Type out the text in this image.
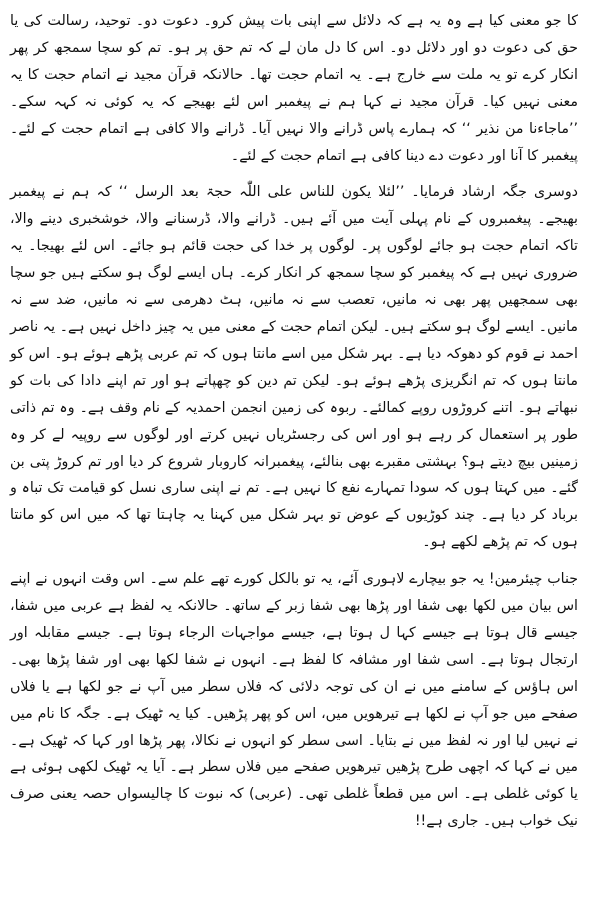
کا جو معنی کیا ہے وہ یہ ہے کہ دلائل سے اپنی بات پیش کرو۔ دعوت دو۔ توحید، رسالت کی یا حق کی دعوت دو اور دلائل دو۔ اس کا دل مان لے کہ تم حق پر ہو۔ تم کو سچا سمجھ کر پھر انکار کرے تو یہ ملت سے خارج ہے۔ یہ اتمام حجت تھا۔ حالانکہ قرآن مجید نے اتمام حجت کا یہ معنی نہیں کیا۔ قرآن مجید نے کہا ہم نے پیغمبر اس لئے بھیجے کہ یہ کوئی نہ کہہ سکے۔ ’’ماجاءنا من نذیر ‘‘ کہ ہمارے پاس ڈرانے والا نہیں آیا۔ ڈرانے والا کافی ہے اتمام حجت کے لئے۔ پیغمبر کا آنا اور دعوت دے دینا کافی ہے اتمام حجت کے لئے۔

دوسری جگہ ارشاد فرمایا۔ ’’لئلا یکون للناس علی اللّٰہ حجۃ بعد الرسل ‘‘ کہ ہم نے پیغمبر بھیجے۔ پیغمبروں کے نام پہلی آیت میں آئے ہیں۔ ڈرانے والا، ڈرسنانے والا، خوشخبری دینے والا، تاکہ اتمام حجت ہو جائے لوگوں پر۔ لوگوں پر خدا کی حجت قائم ہو جائے۔ اس لئے بھیجا۔ یہ ضروری نہیں ہے کہ پیغمبر کو سچا سمجھ کر انکار کرے۔ ہاں ایسے لوگ ہو سکتے ہیں جو سچا بھی سمجھیں پھر بھی نہ مانیں، تعصب سے نہ مانیں، ہٹ دھرمی سے نہ مانیں، ضد سے نہ مانیں۔ ایسے لوگ ہو سکتے ہیں۔ لیکن اتمام حجت کے معنی میں یہ چیز داخل نہیں ہے۔ یہ ناصر احمد نے قوم کو دھوکہ دیا ہے۔ بہر شکل میں اسے مانتا ہوں کہ تم عربی پڑھے ہوئے ہو۔ اس کو مانتا ہوں کہ تم انگریزی پڑھے ہوئے ہو۔ لیکن تم دین کو چھپاتے ہو اور تم اپنے دادا کی بات کو نبھاتے ہو۔ اتنے کروڑوں روپے کمالئے۔ ربوہ کی زمین انجمن احمدیہ کے نام وقف ہے۔ وہ تم ذاتی طور پر استعمال کر رہے ہو اور اس کی رجسٹریاں نہیں کرتے اور لوگوں سے روپیہ لے کر وہ زمینیں بیچ دیتے ہو؟ بہشتی مقبرے بھی بنالئے، پیغمبرانہ کاروبار شروع کر دیا اور تم کروڑ پتی بن گئے۔ میں کہتا ہوں کہ سودا تمہارے نفع کا نہیں ہے۔ تم نے اپنی ساری نسل کو قیامت تک تباہ و برباد کر دیا ہے۔ چند کوڑیوں کے عوض تو بہر شکل میں کہنا یہ چاہتا تھا کہ میں اس کو مانتا ہوں کہ تم پڑھے لکھے ہو۔

جناب چیئرمین! یہ جو بیچارے لاہوری آئے، یہ تو بالکل کورے تھے علم سے۔ اس وقت انہوں نے اپنے اس بیان میں لکھا بھی شفا اور پڑھا بھی شفا زبر کے ساتھ۔ حالانکہ یہ لفظ ہے عربی میں شفا، جیسے قال ہوتا ہے جیسے کہا ل ہوتا ہے، جیسے مواجہات الرجاء ہوتا ہے۔ جیسے مقابلہ اور ارتجال ہوتا ہے۔ اسی شفا اور مشافہ کا لفظ ہے۔ انہوں نے شفا لکھا بھی اور شفا پڑھا بھی۔ اس ہاؤس کے سامنے میں نے ان کی توجہ دلائی کہ فلاں سطر میں آپ نے جو لکھا ہے یا فلاں صفحے میں جو آپ نے لکھا ہے تیرھویں میں، اس کو پھر پڑھیں۔ کیا یہ ٹھیک ہے۔ جگہ کا نام میں نے نہیں لیا اور نہ لفظ میں نے بتایا۔ اسی سطر کو انہوں نے نکالا، پھر پڑھا اور کہا کہ ٹھیک ہے۔ میں نے کہا کہ اچھی طرح پڑھیں تیرھویں صفحے میں فلاں سطر ہے۔ آیا یہ ٹھیک لکھی ہوئی ہے یا کوئی غلطی ہے۔ اس میں قطعاً غلطی تھی۔ (عربی) کہ نبوت کا چالیسواں حصہ یعنی صرف نیک خواب ہیں۔ جاری ہے!!
